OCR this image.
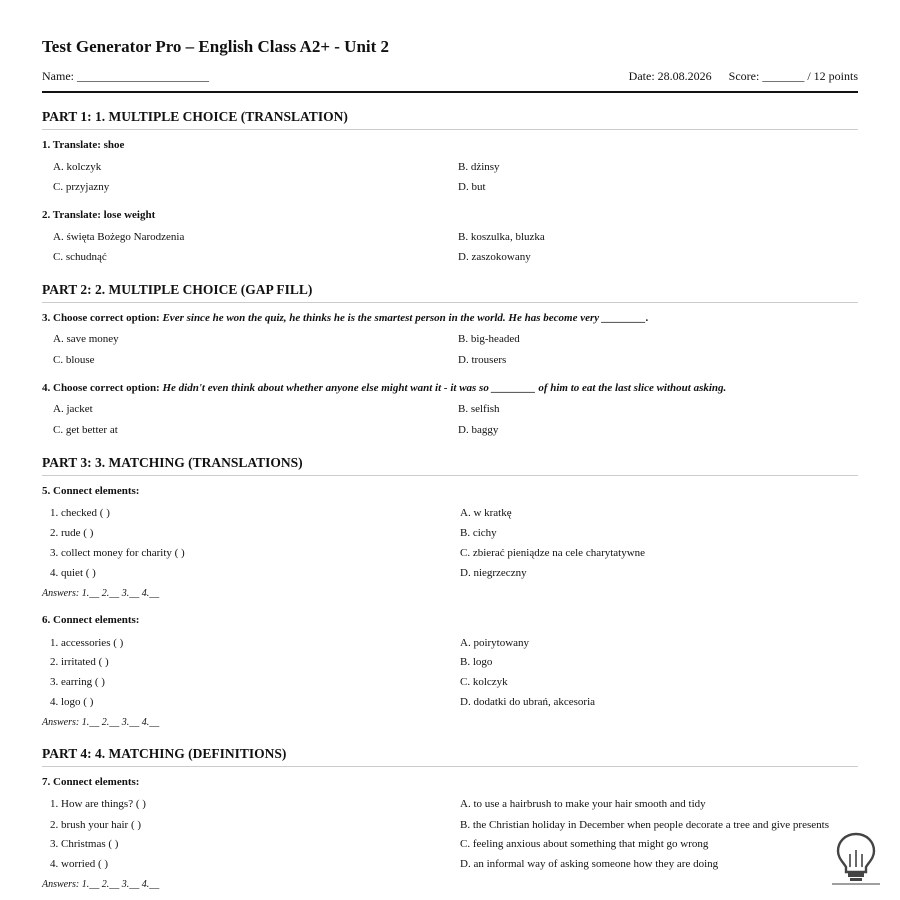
Test Generator Pro – English Class A2+ - Unit 2
Name: ______________________	Date: 28.08.2026 Score: _______ / 12 points
PART 1: 1. MULTIPLE CHOICE (TRANSLATION)
1. Translate: shoe
A. kolczyk	B. dżinsy
C. przyjazny	D. but
2. Translate: lose weight
A. święta Bożego Narodzenia	B. koszulka, bluzka
C. schudnąć	D. zaszokowany
PART 2: 2. MULTIPLE CHOICE (GAP FILL)
3. Choose correct option: Ever since he won the quiz, he thinks he is the smartest person in the world. He has become very ________.
A. save money	B. big-headed
C. blouse	D. trousers
4. Choose correct option: He didn't even think about whether anyone else might want it - it was so ________ of him to eat the last slice without asking.
A. jacket	B. selfish
C. get better at	D. baggy
PART 3: 3. MATCHING (TRANSLATIONS)
5. Connect elements:
1. checked ( )	A. w kratkę
2. rude ( )	B. cichy
3. collect money for charity ( )	C. zbierać pieniądze na cele charytatywne
4. quiet ( )	D. niegrzeczny
Answers: 1.__ 2.__ 3.__ 4.__
6. Connect elements:
1. accessories ( )	A. poirytowany
2. irritated ( )	B. logo
3. earring ( )	C. kolczyk
4. logo ( )	D. dodatki do ubrań, akcesoria
Answers: 1.__ 2.__ 3.__ 4.__
PART 4: 4. MATCHING (DEFINITIONS)
7. Connect elements:
1. How are things? ( )	A. to use a hairbrush to make your hair smooth and tidy
2. brush your hair ( )	B. the Christian holiday in December when people decorate a tree and give presents
3. Christmas ( )	C. feeling anxious about something that might go wrong
4. worried ( )	D. an informal way of asking someone how they are doing
Answers: 1.__ 2.__ 3.__ 4.__
